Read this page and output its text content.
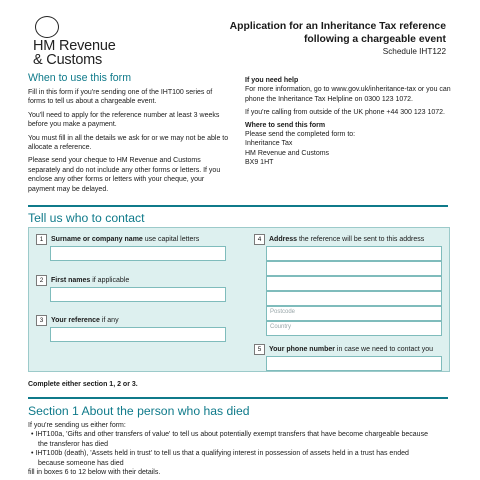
HM Revenue
& Customs
Application for an Inheritance Tax reference
following a chargeable event
Schedule IHT122
When to use this form
Fill in this form if you're sending one of the IHT100 series of forms to tell us about a chargeable event.
You'll need to apply for the reference number at least 3 weeks before you make a payment.
You must fill in all the details we ask for or we may not be able to allocate a reference.
Please send your cheque to HM Revenue and Customs separately and do not include any other forms or letters. If you enclose any other forms or letters with your cheque, your payment may be delayed.
If you need help
For more information, go to www.gov.uk/inheritance-tax or you can phone the Inheritance Tax Helpline on 0300 123 1072.
If you're calling from outside of the UK phone +44 300 123 1072.
Where to send this form
Please send the completed form to:
Inheritance Tax
HM Revenue and Customs
BX9 1HT
Tell us who to contact
1 Surname or company name use capital letters
2 First names if applicable
3 Your reference if any
4 Address the reference will be sent to this address
Postcode
Country
5 Your phone number in case we need to contact you
Complete either section 1, 2 or 3.
Section 1 About the person who has died
If you're sending us either form:
• IHT100a, 'Gifts and other transfers of value' to tell us about potentially exempt transfers that have become chargeable because the transferor has died
• IHT100b (death), 'Assets held in trust' to tell us that a qualifying interest in possession of assets held in a trust has ended because someone has died
fill in boxes 6 to 12 below with their details.
